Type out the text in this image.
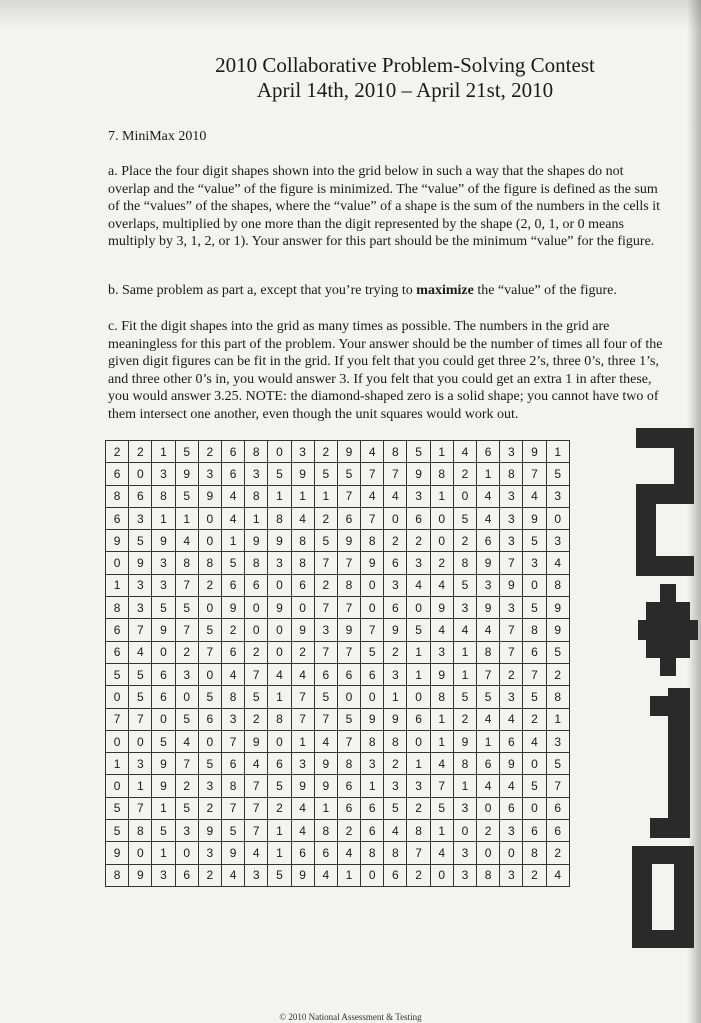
2010 Collaborative Problem-Solving Contest
April 14th, 2010 – April 21st, 2010
7. MiniMax 2010
a. Place the four digit shapes shown into the grid below in such a way that the shapes do not overlap and the “value” of the figure is minimized. The “value” of the figure is defined as the sum of the “values” of the shapes, where the “value” of a shape is the sum of the numbers in the cells it overlaps, multiplied by one more than the digit represented by the shape (2, 0, 1, or 0 means multiply by 3, 1, 2, or 1). Your answer for this part should be the minimum “value” for the figure.
b. Same problem as part a, except that you’re trying to maximize the “value” of the figure.
c. Fit the digit shapes into the grid as many times as possible. The numbers in the grid are meaningless for this part of the problem. Your answer should be the number of times all four of the given digit figures can be fit in the grid. If you felt that you could get three 2’s, three 0’s, three 1’s, and three other 0’s in, you would answer 3. If you felt that you could get an extra 1 in after these, you would answer 3.25. NOTE: the diamond-shaped zero is a solid shape; you cannot have two of them intersect one another, even though the unit squares would work out.
2	2	1	5	2	6	8	0	3	2	9	4	8	5	1	4	6	3	9	1
6	0	3	9	3	6	3	5	9	5	5	7	7	9	8	2	1	8	7	5
8	6	8	5	9	4	8	1	1	1	7	4	4	3	1	0	4	3	4	3
6	3	1	1	0	4	1	8	4	2	6	7	0	6	0	5	4	3	9	0
9	5	9	4	0	1	9	9	8	5	9	8	2	2	0	2	6	3	5	3
0	9	3	8	8	5	8	3	8	7	7	9	6	3	2	8	9	7	3	4
1	3	3	7	2	6	6	0	6	2	8	0	3	4	4	5	3	9	0	8
8	3	5	5	0	9	0	9	0	7	7	0	6	0	9	3	9	3	5	9
6	7	9	7	5	2	0	0	9	3	9	7	9	5	4	4	4	7	8	9
6	4	0	2	7	6	2	0	2	7	7	5	2	1	3	1	8	7	6	5
5	5	6	3	0	4	7	4	4	6	6	6	3	1	9	1	7	2	7	2
0	5	6	0	5	8	5	1	7	5	0	0	1	0	8	5	5	3	5	8
7	7	0	5	6	3	2	8	7	7	5	9	9	6	1	2	4	4	2	1
0	0	5	4	0	7	9	0	1	4	7	8	8	0	1	9	1	6	4	3
1	3	9	7	5	6	4	6	3	9	8	3	2	1	4	8	6	9	0	5
0	1	9	2	3	8	7	5	9	9	6	1	3	3	7	1	4	4	5	7
5	7	1	5	2	7	7	2	4	1	6	6	5	2	5	3	0	6	0	6
5	8	5	3	9	5	7	1	4	8	2	6	4	8	1	0	2	3	6	6
9	0	1	0	3	9	4	1	6	6	4	8	8	7	4	3	0	0	8	2
8	9	3	6	2	4	3	5	9	4	1	0	6	2	0	3	8	3	2	4
© 2010 National Assessment & Testing
